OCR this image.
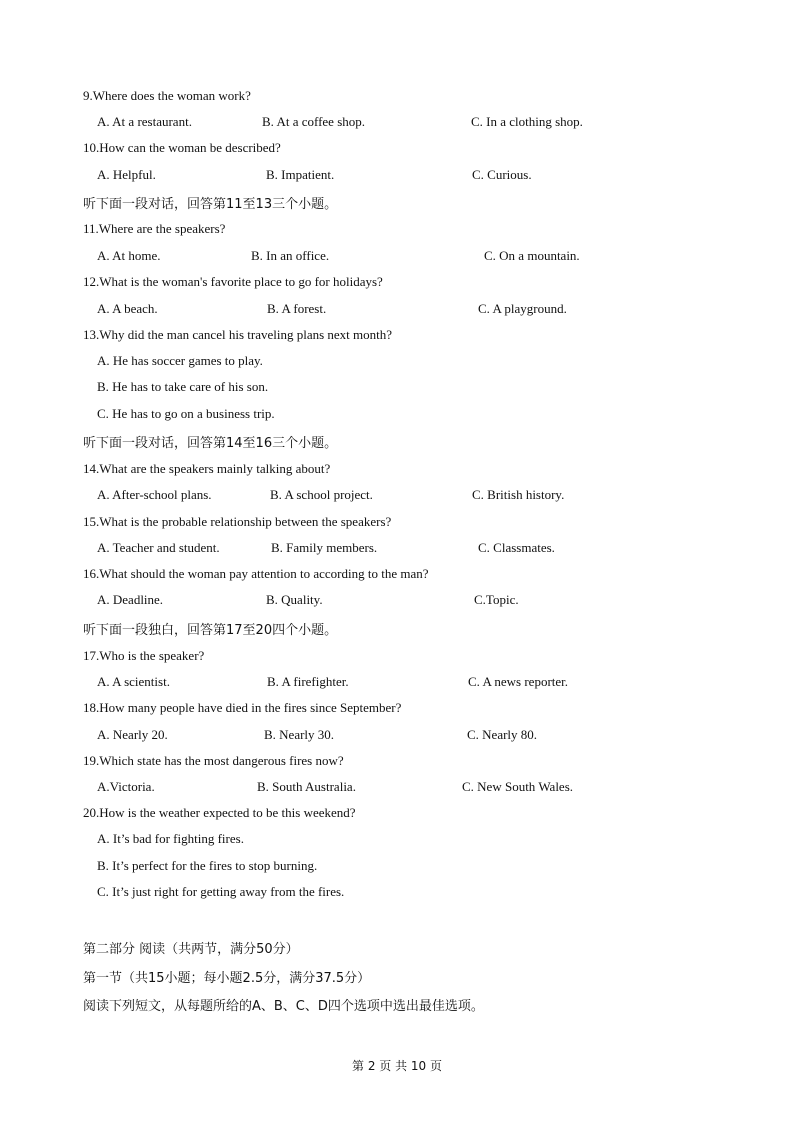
9.Where does the woman work?
A. At a restaurant.	B. At a coffee shop.	C. In a clothing shop.
10.How can the woman be described?
A. Helpful.	B. Impatient.	C. Curious.
听下面一段对话，回答第11至13三个小题。
11.Where are the speakers?
A. At home.	B. In an office.	C. On a mountain.
12.What is the woman's favorite place to go for holidays?
A. A beach.	B. A forest.	C. A playground.
13.Why did the man cancel his traveling plans next month?
A. He has soccer games to play.
B. He has to take care of his son.
C. He has to go on a business trip.
听下面一段对话，回答第14至16三个小题。
14.What are the speakers mainly talking about?
A. After-school plans.	B. A school project.	C. British history.
15.What is the probable relationship between the speakers?
A. Teacher and student.	B. Family members.	C. Classmates.
16.What should the woman pay attention to according to the man?
A. Deadline.	B. Quality.	C.Topic.
听下面一段独白，回答第17至20四个小题。
17.Who is the speaker?
A. A scientist.	B. A firefighter.	C. A news reporter.
18.How many people have died in the fires since September?
A. Nearly 20.	B. Nearly 30.	C. Nearly 80.
19.Which state has the most dangerous fires now?
A.Victoria.	B. South Australia.	C. New South Wales.
20.How is the weather expected to be this weekend?
A. It’s bad for fighting fires.
B. It’s perfect for the fires to stop burning.
C. It’s just right for getting away from the fires.
第二部分 阅读（共两节，满分50分）
第一节（共15小题；每小题2.5分，满分37.5分）
阅读下列短文，从每题所给的A、B、C、D四个选项中选出最佳选项。
第 2 页 共 10 页
